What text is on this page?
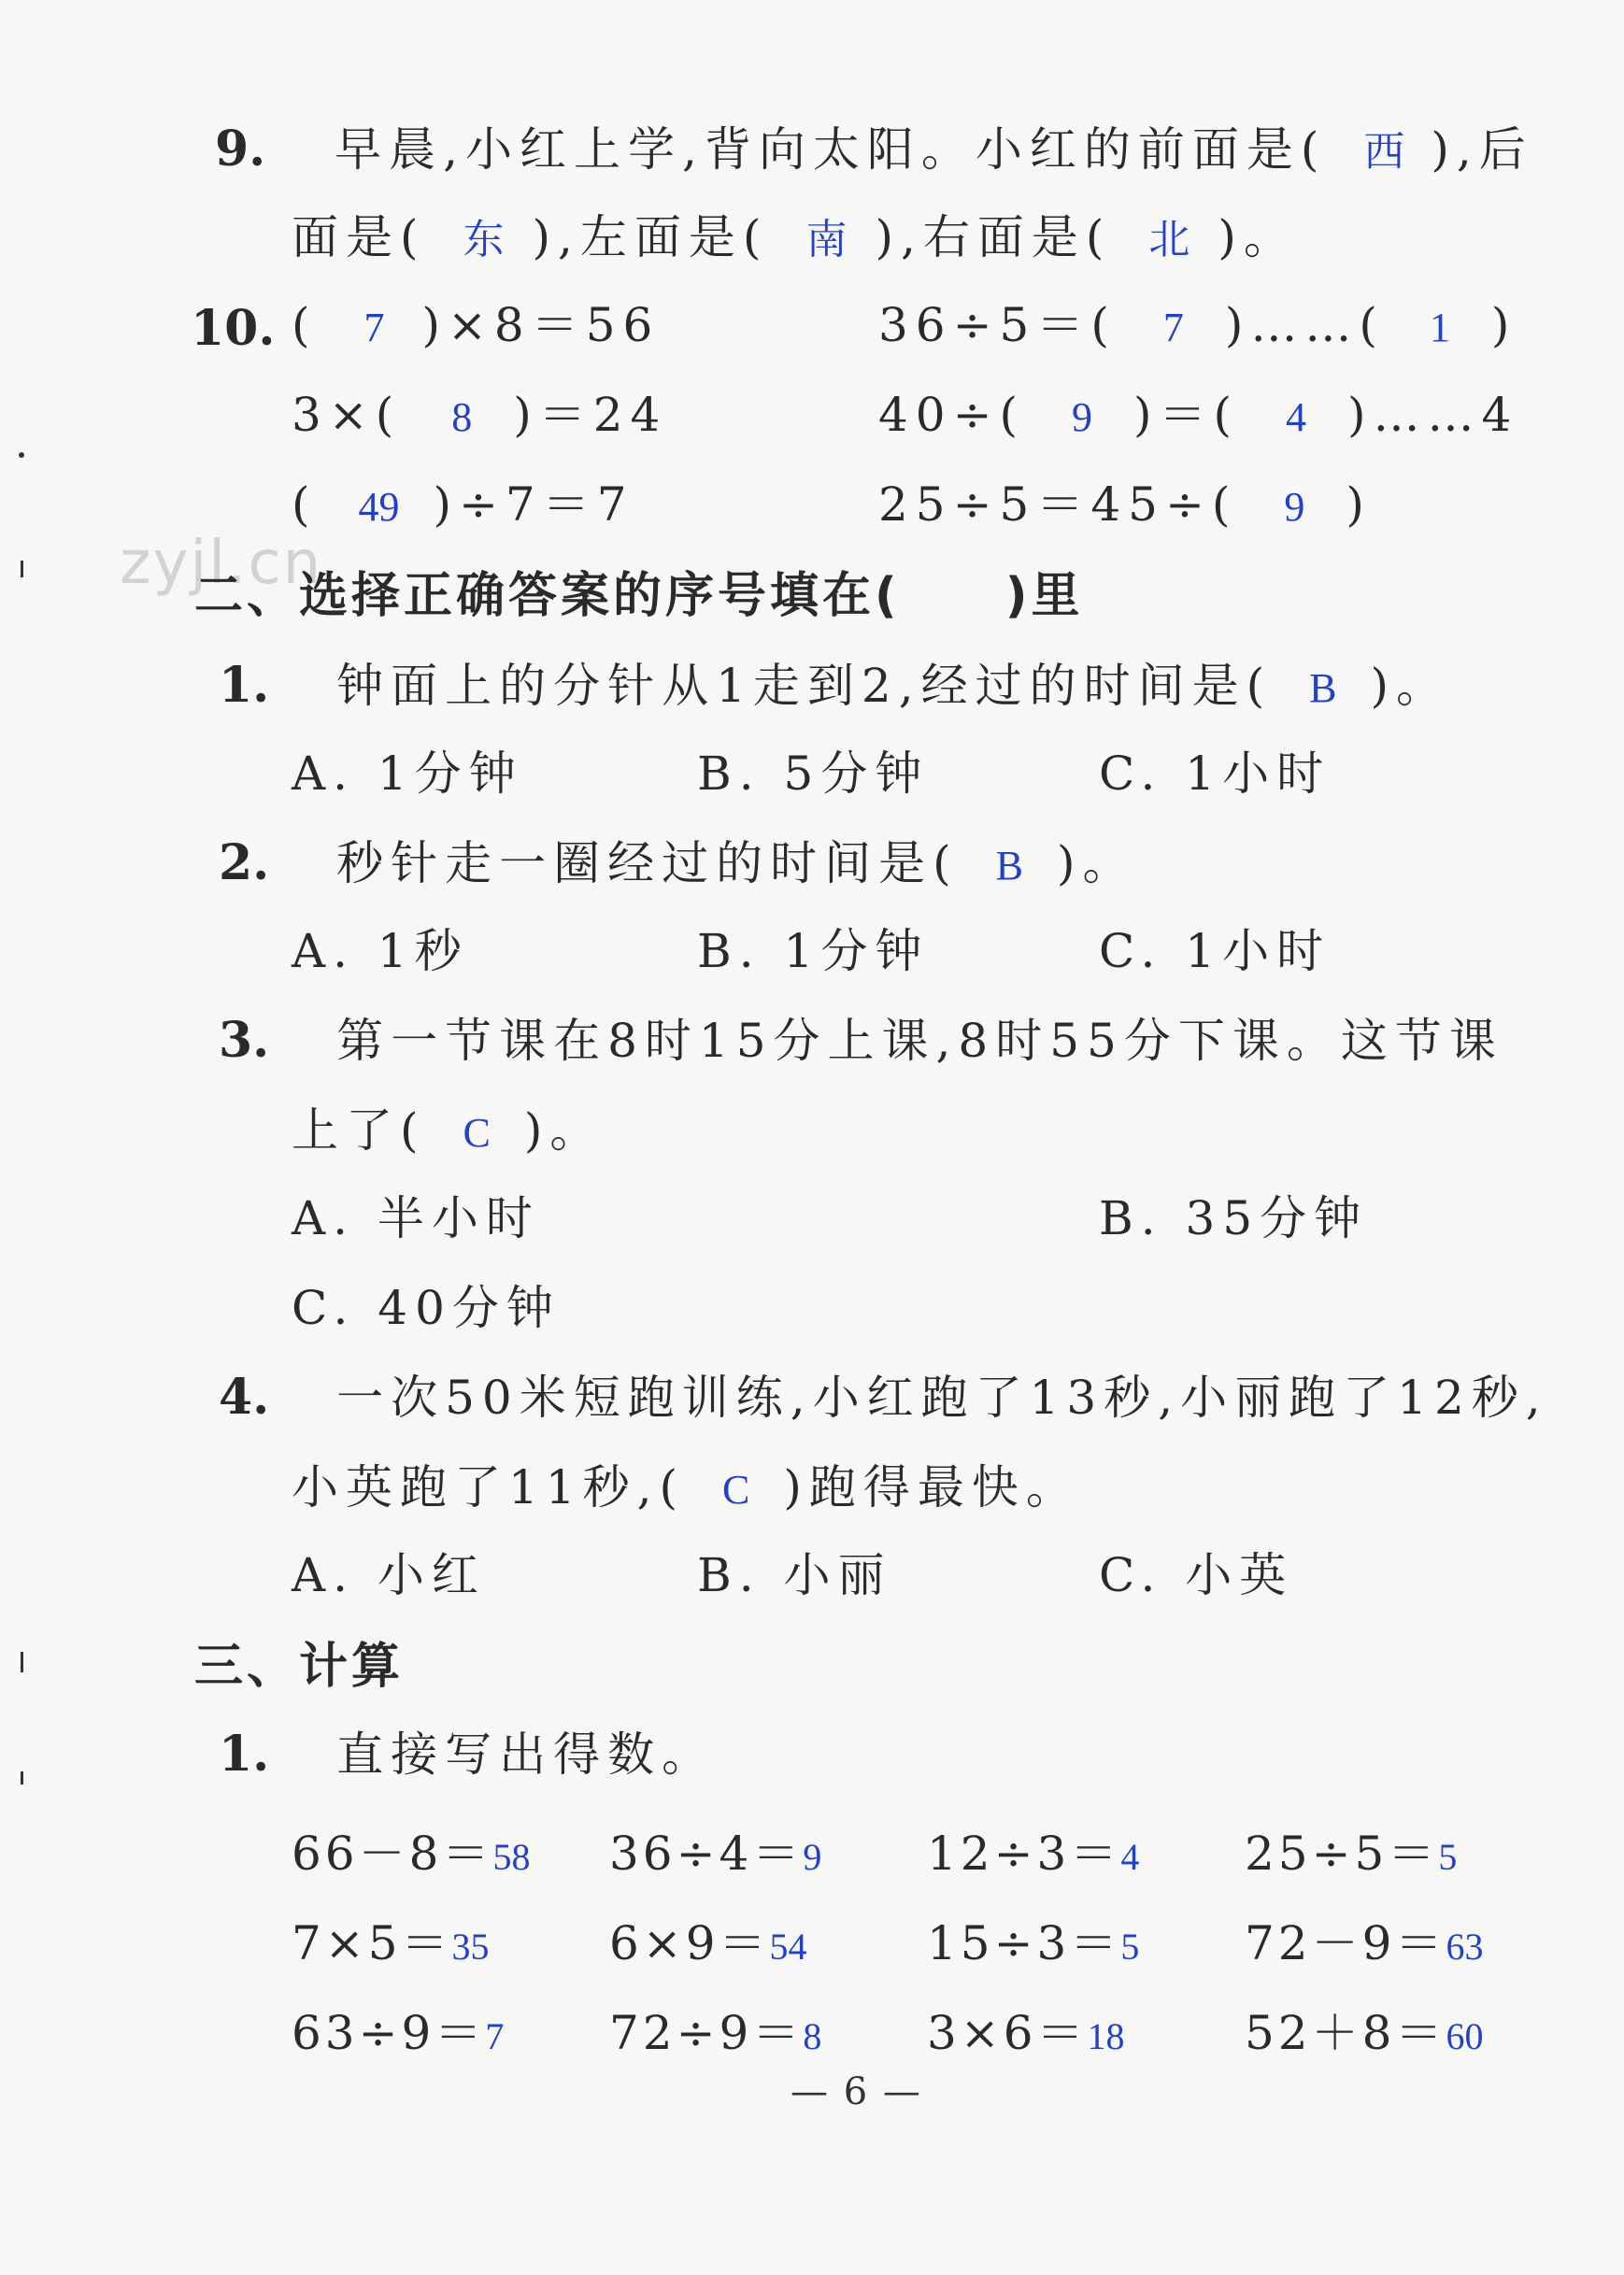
9. 早晨,小红上学,背向太阳。小红的前面是( 西 ),后
面是( 东 ),左面是( 南 ),右面是( 北 )。
10. ( 7 )×8＝56	36÷5＝( 7 )……( 1 )
3×( 8 )＝24	40÷( 9 )＝( 4 )……4
( 49 )÷7＝7	25÷5＝45÷( 9 )
zyjl.cn
二、选择正确答案的序号填在(　　)里
1. 钟面上的分针从1走到2,经过的时间是( B )。
A. 1分钟	B. 5分钟	C. 1小时
2. 秒针走一圈经过的时间是( B )。
A. 1秒	B. 1分钟	C. 1小时
3. 第一节课在8时15分上课,8时55分下课。这节课
上了( C )。
A. 半小时	B. 35分钟
C. 40分钟
4. 一次50米短跑训练,小红跑了13秒,小丽跑了12秒,
小英跑了11秒,( C )跑得最快。
A. 小红	B. 小丽	C. 小英
三、计算
1. 直接写出得数。
66－8＝58 36÷4＝9 12÷3＝4 25÷5＝5
7×5＝35	6×9＝54	15÷3＝5 72－9＝63
63÷9＝7 72÷9＝8 3×6＝18	52＋8＝60
— 6 —
